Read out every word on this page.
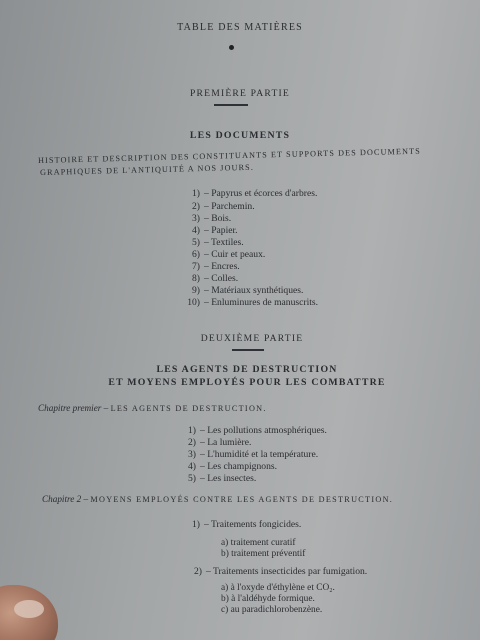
TABLE DES MATIÈRES
PREMIÈRE PARTIE
LES DOCUMENTS
HISTOIRE ET DESCRIPTION DES CONSTITUANTS ET SUPPORTS DES DOCUMENTS
GRAPHIQUES DE L'ANTIQUITÉ A NOS JOURS.
1) – Papyrus et écorces d'arbres.
2) – Parchemin.
3) – Bois.
4) – Papier.
5) – Textiles.
6) – Cuir et peaux.
7) – Encres.
8) – Colles.
9) – Matériaux synthétiques.
10) – Enluminures de manuscrits.
DEUXIÈME PARTIE
LES AGENTS DE DESTRUCTION
ET MOYENS EMPLOYÉS POUR LES COMBATTRE
Chapitre premier – LES AGENTS DE DESTRUCTION.
1) – Les pollutions atmosphériques.
2) – La lumière.
3) – L'humidité et la température.
4) – Les champignons.
5) – Les insectes.
Chapitre 2 – MOYENS EMPLOYÉS CONTRE LES AGENTS DE DESTRUCTION.
1) – Traitements fongicides.
a) traitement curatif
b) traitement préventif
2) – Traitements insecticides par fumigation.
a) à l'oxyde d'éthylène et CO₂.
b) à l'aldéhyde formique.
c) au paradichlorobenzène.
